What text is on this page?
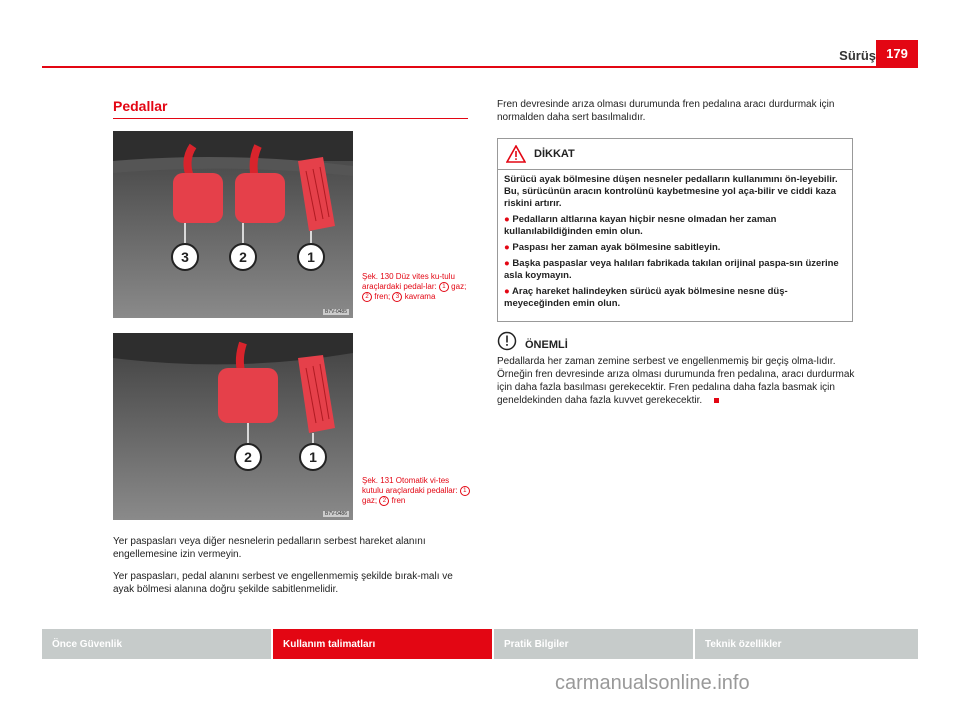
Sürüş 179
Pedallar
3	2	1
B7V-0485
Şek. 130 Düz vites ku-tulu araçlardaki pedal-lar: 1 gaz; 2 fren; 3 kavrama
2	1
B7V-0486
Şek. 131 Otomatik vi-tes kutulu araçlardaki pedallar: 1 gaz; 2 fren
Yer paspasları veya diğer nesnelerin pedalların serbest hareket alanını engellemesine izin vermeyin.
Yer paspasları, pedal alanını serbest ve engellenmemiş şekilde bırak-malı ve ayak bölmesi alanına doğru şekilde sabitlenmelidir.
Fren devresinde arıza olması durumunda fren pedalına aracı durdurmak için normalden daha sert basılmalıdır.
DİKKAT

Sürücü ayak bölmesine düşen nesneler pedalların kullanımını ön-leyebilir. Bu, sürücünün aracın kontrolünü kaybetmesine yol aça-bilir ve ciddi kaza riskini artırır.

● Pedalların altlarına kayan hiçbir nesne olmadan her zaman kullanılabildiğinden emin olun.

● Paspası her zaman ayak bölmesine sabitleyin.

● Başka paspaslar veya halıları fabrikada takılan orijinal paspa-sın üzerine asla koymayın.

● Araç hareket halindeyken sürücü ayak bölmesine nesne düş-meyeceğinden emin olun.

ÖNEMLİ
Pedallarda her zaman zemine serbest ve engellenmemiş bir geçiş olma-lıdır. Örneğin fren devresinde arıza olması durumunda fren pedalına, aracı durdurmak için daha fazla basılması gerekecektir. Fren pedalına daha fazla basmak için geneldekinden daha fazla kuvvet gerekecektir.
Önce Güvenlik	Kullanım talimatları	Pratik Bilgiler	Teknik özellikler
carmanualsonline.info
